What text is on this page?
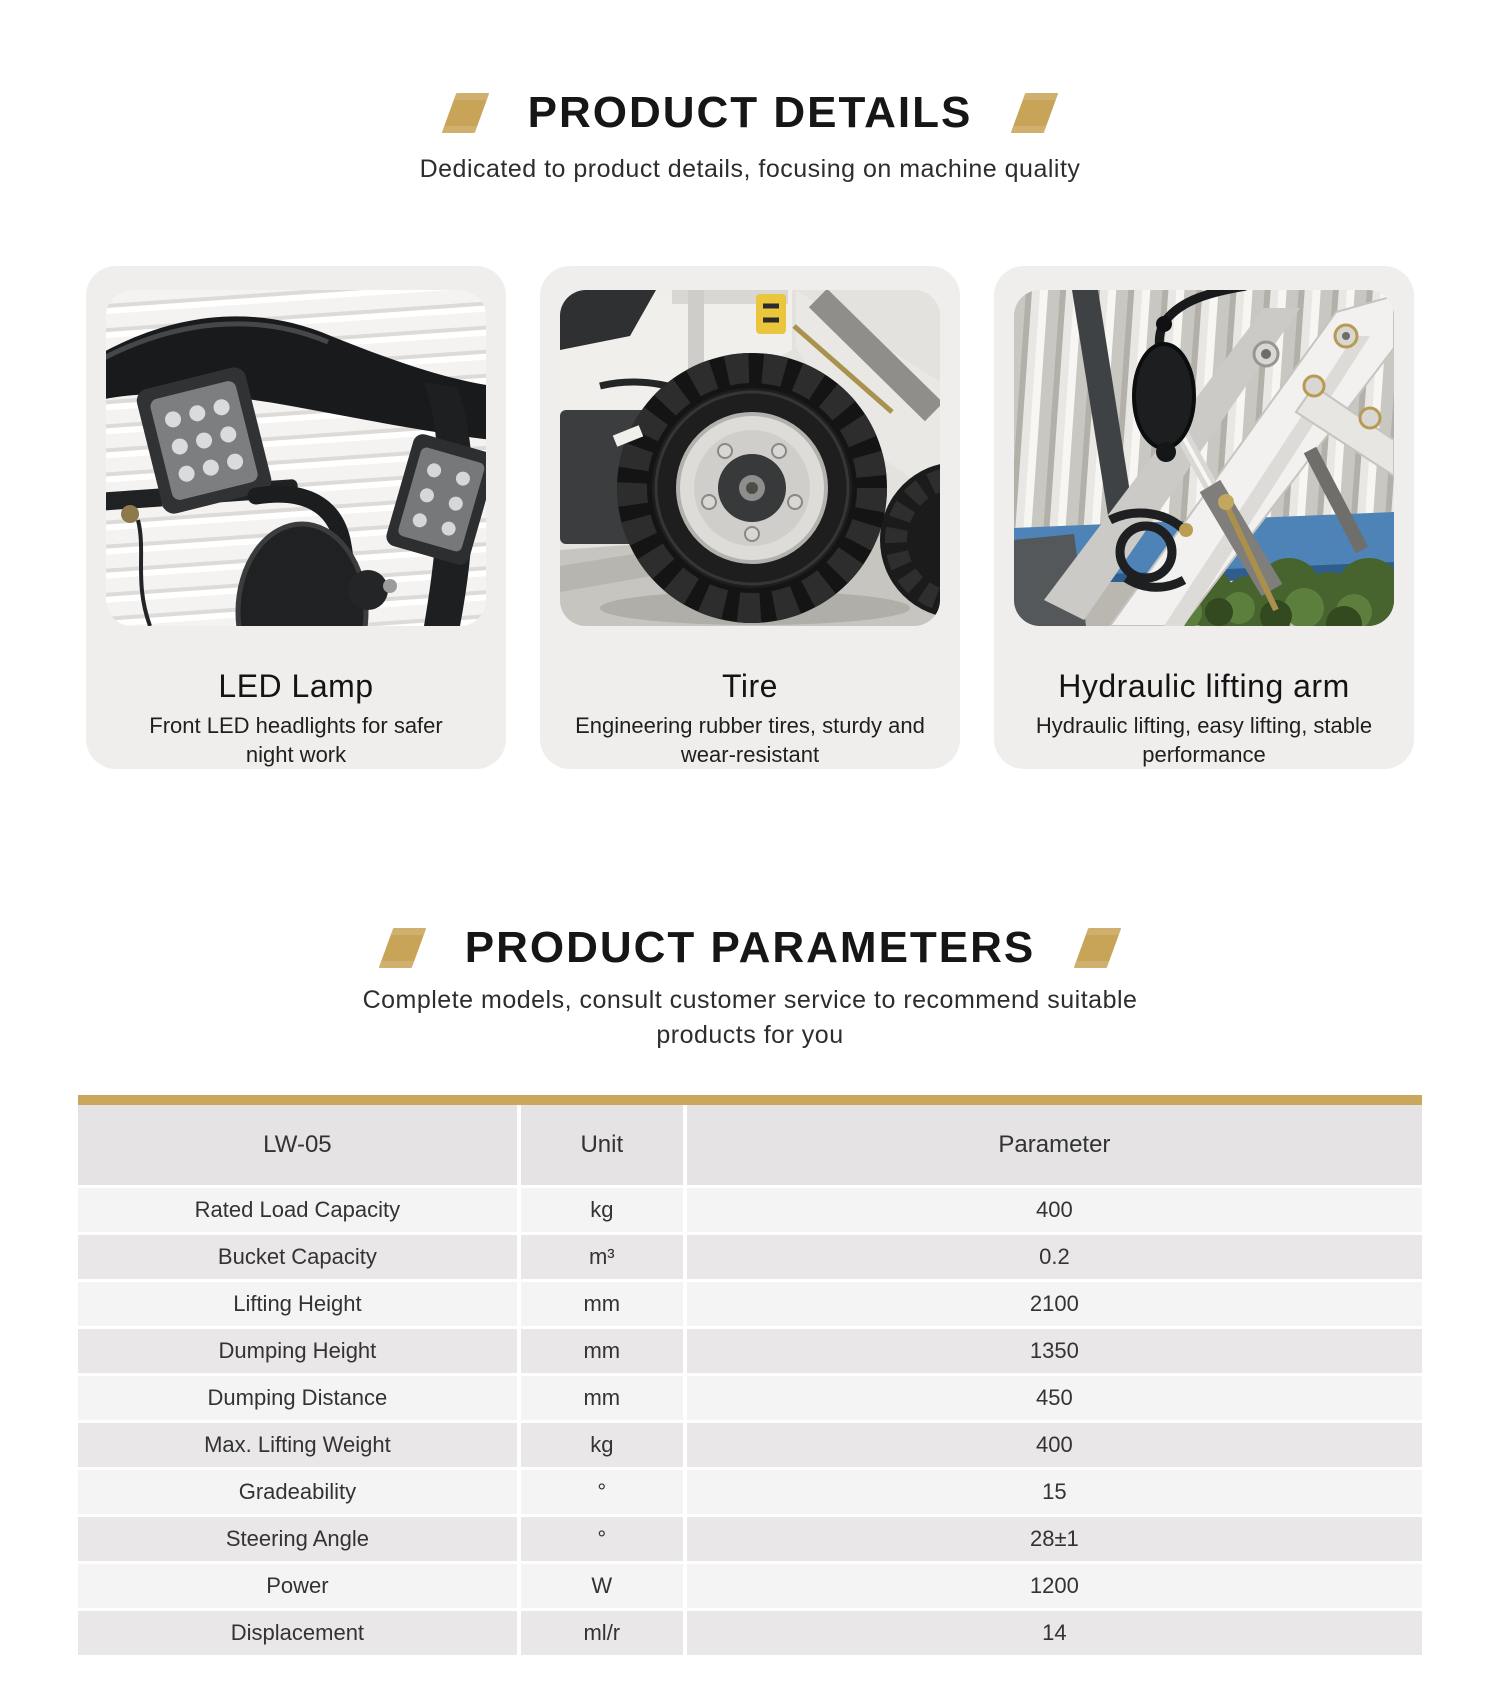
PRODUCT DETAILS

Dedicated to product details, focusing on machine quality

LED Lamp
Front LED headlights for safer
night work
Tire
Engineering rubber tires, sturdy and
wear-resistant
Hydraulic lifting arm
Hydraulic lifting, easy lifting, stable
performance
PRODUCT PARAMETERS
Complete models, consult customer service to recommend suitable
products for you
LW-05	Unit	Parameter
Rated Load Capacity	kg	400
Bucket Capacity	m³	0.2
Lifting Height	mm	2100
Dumping Height	mm	1350
Dumping Distance	mm	450
Max. Lifting Weight	kg	400
Gradeability	°	15
Steering Angle	°	28±1
Power	W	1200
Displacement	ml/r	14
